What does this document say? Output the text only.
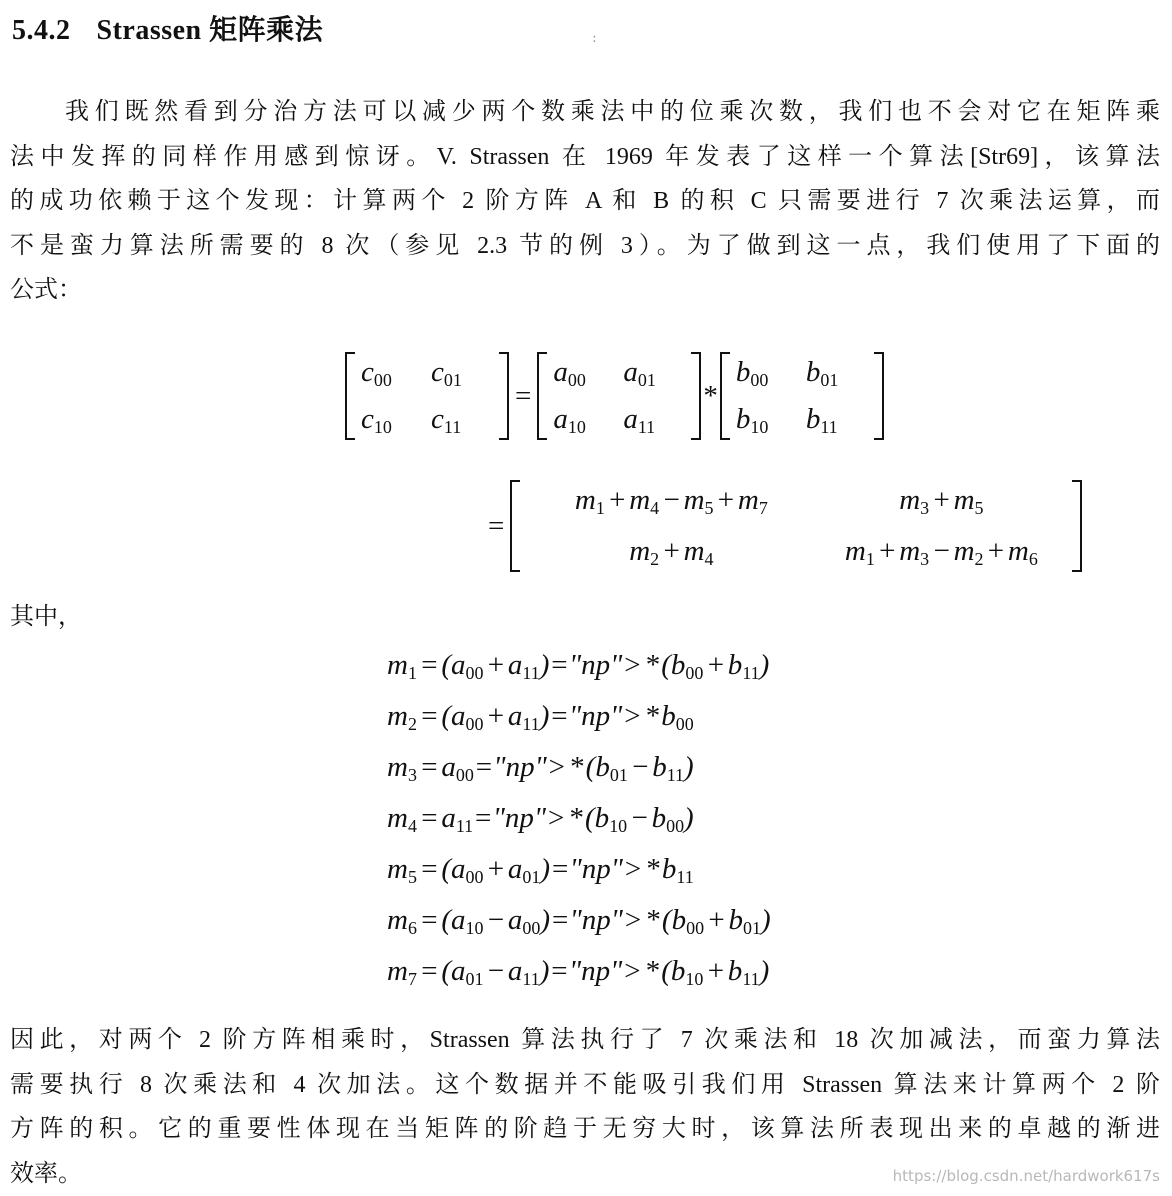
5.4.2 Strassen 矩阵乘法	:
我们既然看到分治方法可以减少两个数乘法中的位乘次数，我们也不会对它在矩阵乘
法中发挥的同样作用感到惊讶。V. Strassen 在 1969 年发表了这样一个算法[Str69]，该算法
的成功依赖于这个发现：计算两个 2 阶方阵 A 和 B 的积 C 只需要进行 7 次乘法运算，而
不是蛮力算法所需要的 8 次（参见 2.3 节的例 3）。为了做到这一点，我们使用了下面的
公式：
$c_{00}$	$c_{01}$
$c_{10}$	$c_{11}$
=
$a_{00}$	$a_{01}$
$a_{10}$	$a_{11}$
*
$b_{00}$	$b_{01}$
$b_{10}$	$b_{11}$
=
$m_1$ + $m_4$ − $m_5$ + $m_7$	$m_3$ + $m_5$
$m_2$ + $m_4$	$m_1$ + $m_3$ − $m_2$ + $m_6$
其中，
$m_1$ = ($a_{00}$ + $a_{11})="np">$ * ($b_{00}$ + $b_{11}$)
$m_2$ = ($a_{00}$ + $a_{11})="np">$ * $b_{00}$
$m_3$ = $a_{00}="np">$ * ($b_{01}$ − $b_{11}$)
$m_4$ = $a_{11}="np">$ * ($b_{10}$ − $b_{00}$)
$m_5$ = ($a_{00}$ + $a_{01})="np">$ * $b_{11}$
$m_6$ = ($a_{10}$ − $a_{00})="np">$ * ($b_{00}$ + $b_{01}$)
$m_7$ = ($a_{01}$ − $a_{11})="np">$ * ($b_{10}$ + $b_{11}$)
因此，对两个 2 阶方阵相乘时，Strassen 算法执行了 7 次乘法和 18 次加减法，而蛮力算法
需要执行 8 次乘法和 4 次加法。这个数据并不能吸引我们用 Strassen 算法来计算两个 2 阶
方阵的积。它的重要性体现在当矩阵的阶趋于无穷大时，该算法所表现出来的卓越的渐进
效率。	https://blog.csdn.net/hardwork617s
